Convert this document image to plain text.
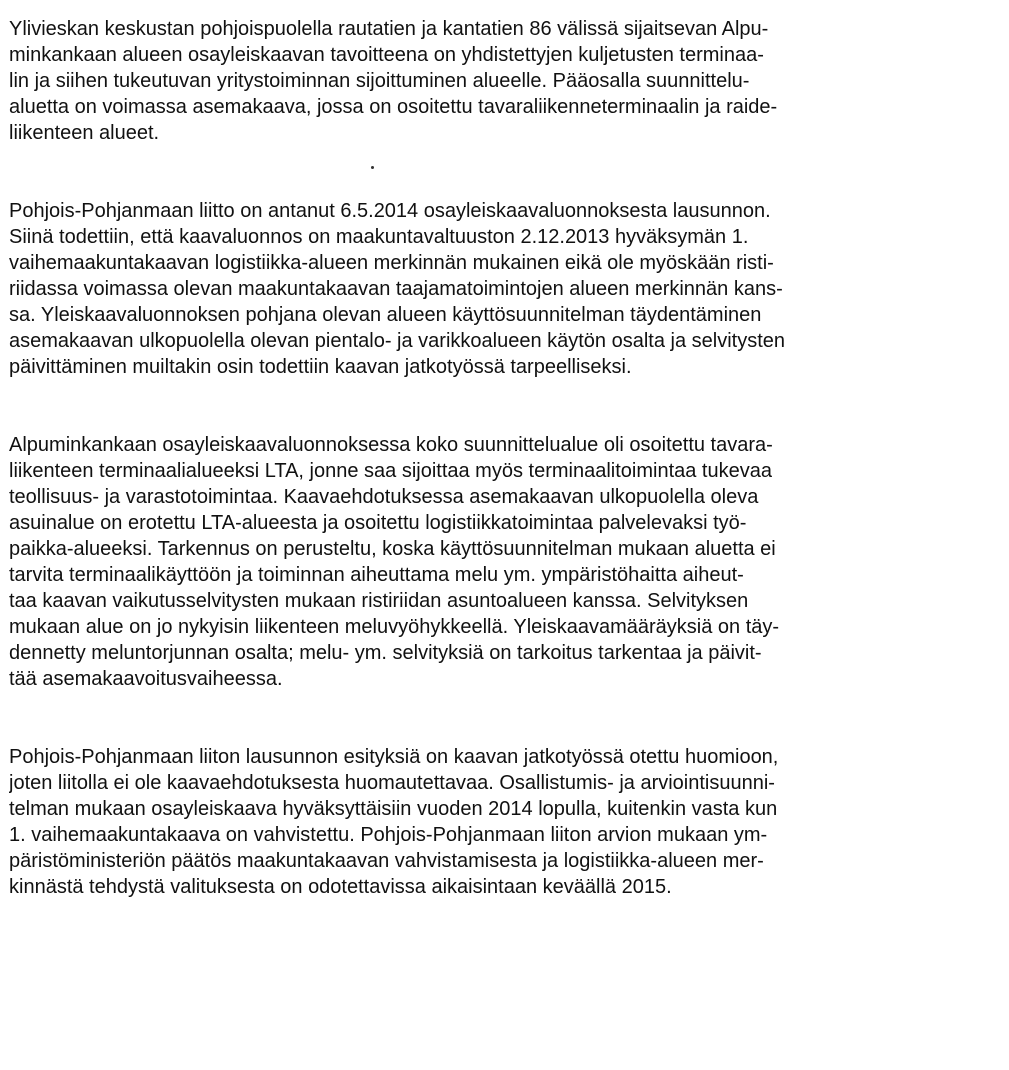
Ylivieskan keskustan pohjoispuolella rautatien ja kantatien 86 välissä sijaitsevan Alpu-
minkankaan alueen osayleiskaavan tavoitteena on yhdistettyjen kuljetusten terminaa-
lin ja siihen tukeutuvan yritystoiminnan sijoittuminen alueelle. Pääosalla suunnittelu-
aluetta on voimassa asemakaava, jossa on osoitettu tavaraliikenneterminaalin ja raide-
liikenteen alueet.
Pohjois-Pohjanmaan liitto on antanut 6.5.2014 osayleiskaavaluonnoksesta lausunnon.
Siinä todettiin, että kaavaluonnos on maakuntavaltuuston 2.12.2013 hyväksymän 1.
vaihemaakuntakaavan logistiikka-alueen merkinnän mukainen eikä ole myöskään risti-
riidassa voimassa olevan maakuntakaavan taajamatoimintojen alueen merkinnän kans-
sa. Yleiskaavaluonnoksen pohjana olevan alueen käyttösuunnitelman täydentäminen
asemakaavan ulkopuolella olevan pientalo- ja varikkoalueen käytön osalta ja selvitysten
päivittäminen muiltakin osin todettiin kaavan jatkotyössä tarpeelliseksi.
Alpuminkankaan osayleiskaavaluonnoksessa koko suunnittelualue oli osoitettu tavara-
liikenteen terminaalialueeksi LTA, jonne saa sijoittaa myös terminaalitoimintaa tukevaa
teollisuus- ja varastotoimintaa. Kaavaehdotuksessa asemakaavan ulkopuolella oleva
asuinalue on erotettu LTA-alueesta ja osoitettu logistiikkatoimintaa palvelevaksi työ-
paikka-alueeksi. Tarkennus on perusteltu, koska käyttösuunnitelman mukaan aluetta ei
tarvita terminaalikäyttöön ja toiminnan aiheuttama melu ym. ympäristöhaitta aiheut-
taa kaavan vaikutusselvitysten mukaan ristiriidan asuntoalueen kanssa. Selvityksen
mukaan alue on jo nykyisin liikenteen meluvyöhykkeellä. Yleiskaavamääräyksiä on täy-
dennetty meluntorjunnan osalta; melu- ym. selvityksiä on tarkoitus tarkentaa ja päivit-
tää asemakaavoitusvaiheessa.
Pohjois-Pohjanmaan liiton lausunnon esityksiä on kaavan jatkotyössä otettu huomioon,
joten liitolla ei ole kaavaehdotuksesta huomautettavaa. Osallistumis- ja arviointisuunni-
telman mukaan osayleiskaava hyväksyttäisiin vuoden 2014 lopulla, kuitenkin vasta kun
1. vaihemaakuntakaava on vahvistettu. Pohjois-Pohjanmaan liiton arvion mukaan ym-
päristöministeriön päätös maakuntakaavan vahvistamisesta ja logistiikka-alueen mer-
kinnästä tehdystä valituksesta on odotettavissa aikaisintaan keväällä 2015.
